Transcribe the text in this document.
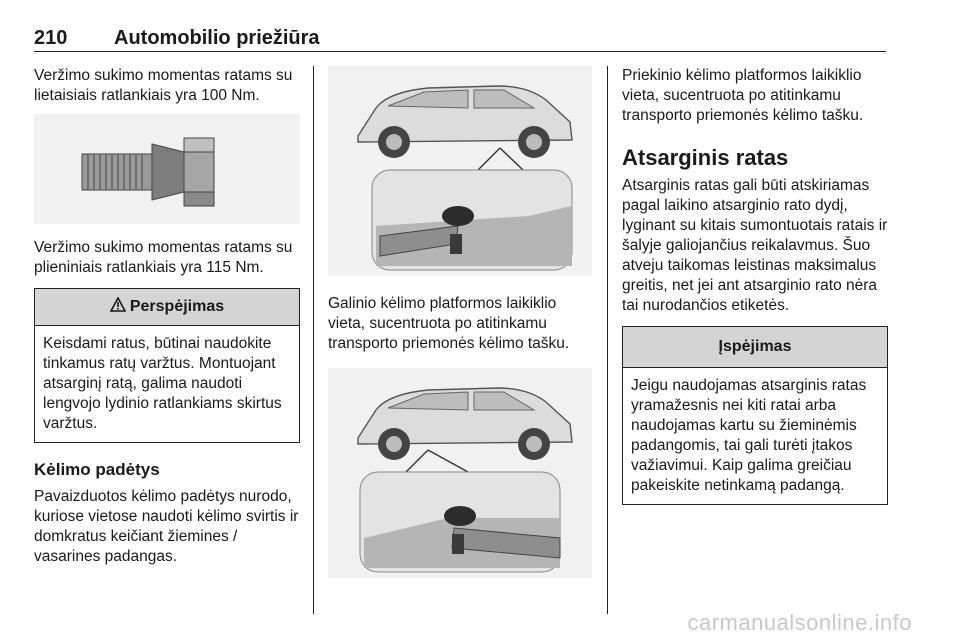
210 Automobilio priežiūra

Veržimo sukimo momentas ratams su lietaisiais ratlankiais yra 100 Nm.

Veržimo sukimo momentas ratams su plieniniais ratlankiais yra 115 Nm.

Perspėjimas

Keisdami ratus, būtinai naudokite tinkamus ratų varžtus. Montuojant atsarginį ratą, galima naudoti lengvojo lydinio ratlankiams skirtus varžtus.

Kėlimo padėtys

Pavaizduotos kėlimo padėtys nurodo, kuriose vietose naudoti kėlimo svirtis ir domkratus keičiant žiemines / vasarines padangas.

Galinio kėlimo platformos laikiklio vieta, sucentruota po atitinkamu transporto priemonės kėlimo tašku.

Priekinio kėlimo platformos laikiklio vieta, sucentruota po atitinkamu transporto priemonės kėlimo tašku.

Atsarginis ratas

Atsarginis ratas gali būti atskiriamas pagal laikino atsarginio rato dydį, lyginant su kitais sumontuotais ratais ir šalyje galiojančius reikalavmus. Šuo atveju taikomas leistinas maksimalus greitis, net jei ant atsarginio rato nėra tai nurodančios etiketės.

Įspėjimas

Jeigu naudojamas atsarginis ratas yramažesnis nei kiti ratai arba naudojamas kartu su žieminėmis padangomis, tai gali turėti įtakos važiavimui. Kaip galima greičiau pakeiskite netinkamą padangą.

carmanualsonline.info
